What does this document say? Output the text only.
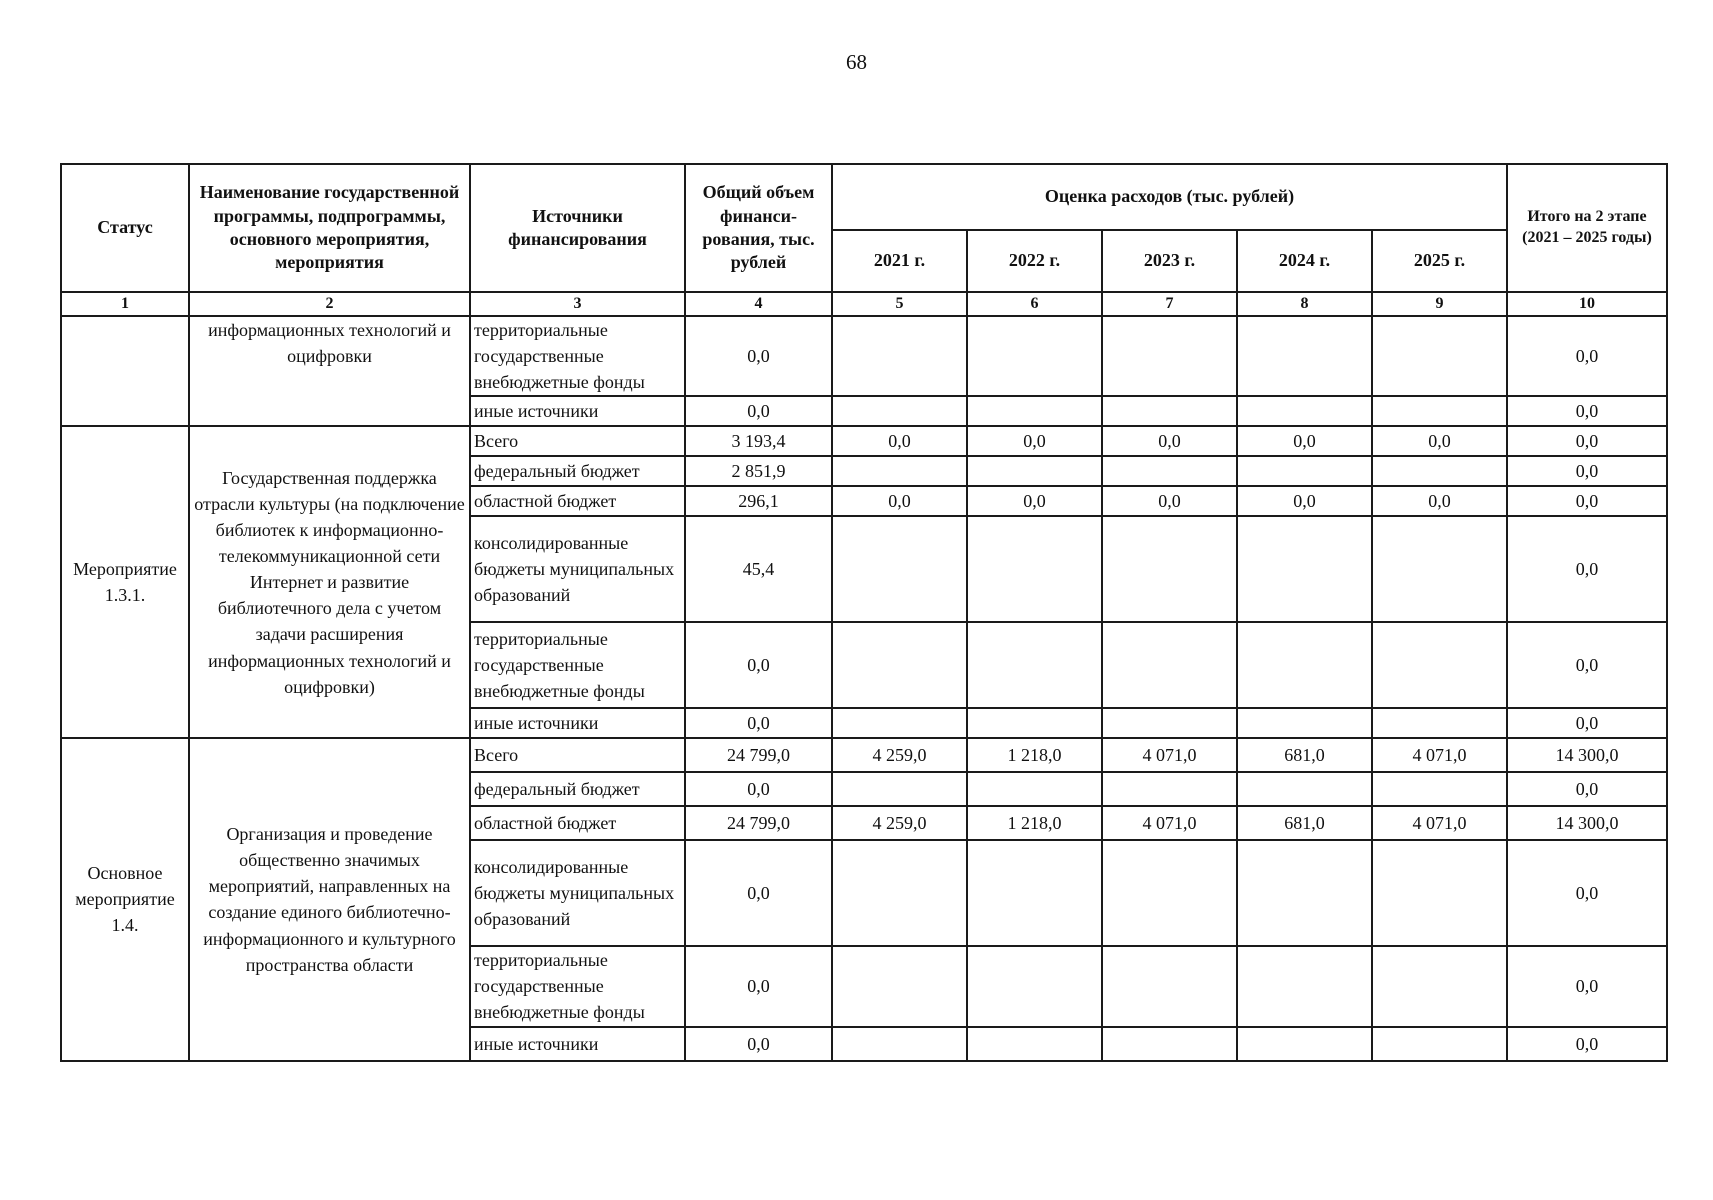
68
Статус	Наименование государственной программы, подпрограммы, основного мероприятия, мероприятия	Источники финансирования	Общий объем финанси-рования, тыс. рублей	Оценка расходов (тыс. рублей)					Итого на 2 этапе (2021 – 2025 годы)
				2021 г.	2022 г.	2023 г.	2024 г.	2025 г.	
1	2	3	4	5	6	7	8	9	10
	информационных технологий и оцифровки	территориальные государственные внебюджетные фонды	0,0						0,0
		иные источники	0,0						0,0
Мероприятие 1.3.1.	Государственная поддержка отрасли культуры (на подключение библиотек к информационно-телекоммуникационной сети Интернет и развитие библиотечного дела с учетом задачи расширения информационных технологий и оцифровки)	Всего	3 193,4	0,0	0,0	0,0	0,0	0,0	0,0
		федеральный бюджет	2 851,9						0,0
		областной бюджет	296,1	0,0	0,0	0,0	0,0	0,0	0,0
		консолидированные бюджеты муниципальных образований	45,4						0,0
		территориальные государственные внебюджетные фонды	0,0						0,0
		иные источники	0,0						0,0
Основное мероприятие 1.4.	Организация и проведение общественно значимых мероприятий, направленных на создание единого библиотечно-информационного и культурного пространства области	Всего	24 799,0	4 259,0	1 218,0	4 071,0	681,0	4 071,0	14 300,0
		федеральный бюджет	0,0						0,0
		областной бюджет	24 799,0	4 259,0	1 218,0	4 071,0	681,0	4 071,0	14 300,0
		консолидированные бюджеты муниципальных образований	0,0						0,0
		территориальные государственные внебюджетные фонды	0,0						0,0
		иные источники	0,0						0,0
